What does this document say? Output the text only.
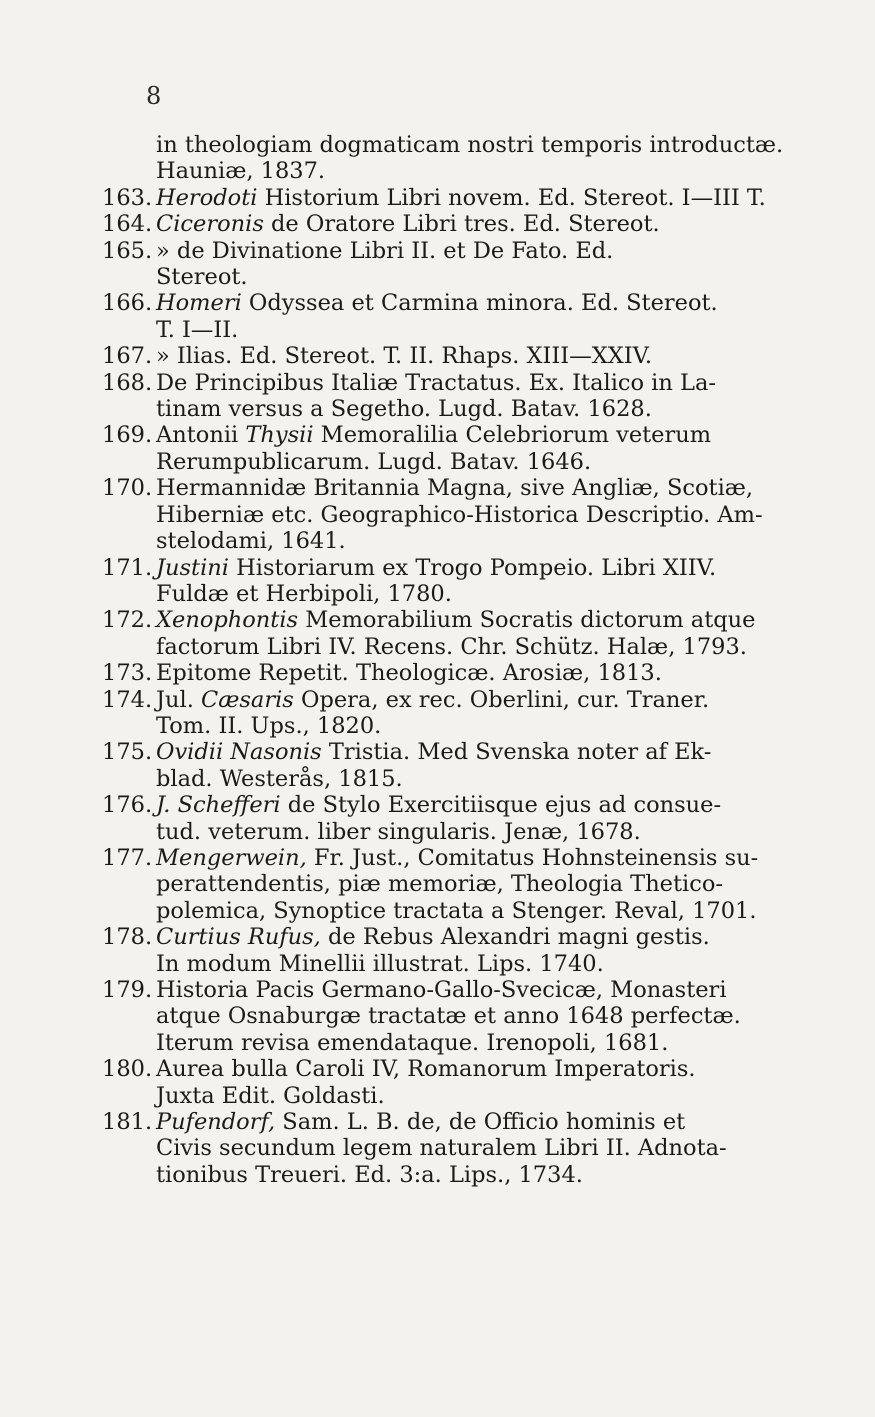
8
in theologiam dogmaticam nostri temporis introductæ.
Hauniæ, 1837.
163. Herodoti Historium Libri novem. Ed. Stereot. I—III T.
164. Ciceronis de Oratore Libri tres. Ed. Stereot.
165. » de Divinatione Libri II. et De Fato. Ed.
Stereot.
166. Homeri Odyssea et Carmina minora. Ed. Stereot.
T. I—II.
167. » Ilias. Ed. Stereot. T. II. Rhaps. XIII—XXIV.
168. De Principibus Italiæ Tractatus. Ex. Italico in La-
tinam versus a Segetho. Lugd. Batav. 1628.
169. Antonii Thysii Memoralilia Celebriorum veterum
Rerumpublicarum. Lugd. Batav. 1646.
170. Hermannidæ Britannia Magna, sive Angliæ, Scotiæ,
Hiberniæ etc. Geographico-Historica Descriptio. Am-
stelodami, 1641.
171. Justini Historiarum ex Trogo Pompeio. Libri XIIV.
Fuldæ et Herbipoli, 1780.
172. Xenophontis Memorabilium Socratis dictorum atque
factorum Libri IV. Recens. Chr. Schütz. Halæ, 1793.
173. Epitome Repetit. Theologicæ. Arosiæ, 1813.
174. Jul. Cæsaris Opera, ex rec. Oberlini, cur. Traner.
Tom. II. Ups., 1820.
175. Ovidii Nasonis Tristia. Med Svenska noter af Ek-
blad. Westerås, 1815.
176. J. Schefferi de Stylo Exercitiisque ejus ad consue-
tud. veterum. liber singularis. Jenæ, 1678.
177. Mengerwein, Fr. Just., Comitatus Hohnsteinensis su-
perattendentis, piæ memoriæ, Theologia Thetico-
polemica, Synoptice tractata a Stenger. Reval, 1701.
178. Curtius Rufus, de Rebus Alexandri magni gestis.
In modum Minellii illustrat. Lips. 1740.
179. Historia Pacis Germano-Gallo-Svecicæ, Monasteri
atque Osnaburgæ tractatæ et anno 1648 perfectæ.
Iterum revisa emendataque. Irenopoli, 1681.
180. Aurea bulla Caroli IV, Romanorum Imperatoris.
Juxta Edit. Goldasti.
181. Pufendorf, Sam. L. B. de, de Officio hominis et
Civis secundum legem naturalem Libri II. Adnota-
tionibus Treueri. Ed. 3:a. Lips., 1734.
